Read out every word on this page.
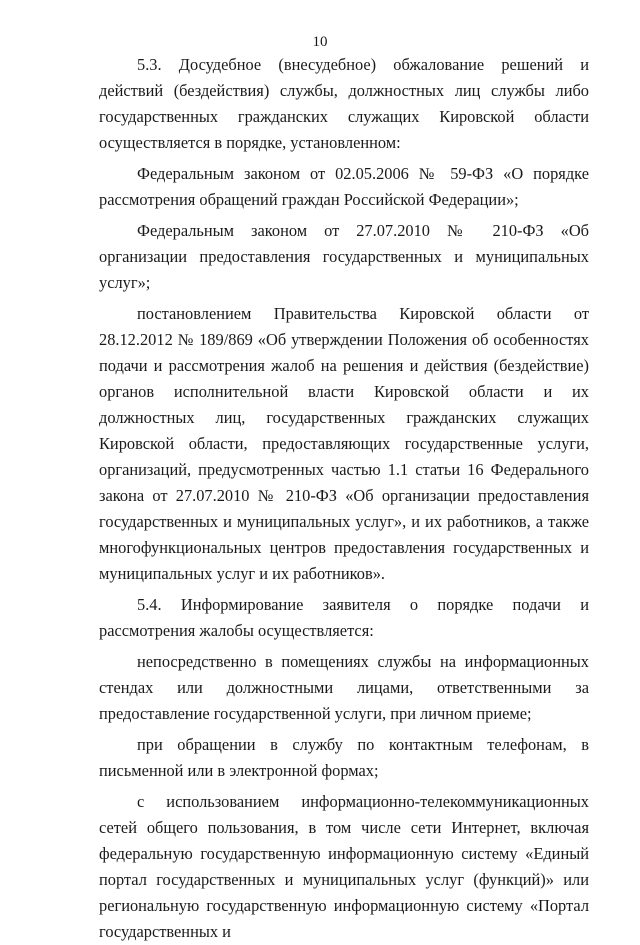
10

5.3. Досудебное (внесудебное) обжалование решений и действий (бездействия) службы, должностных лиц службы либо государственных гражданских служащих Кировской области осуществляется в порядке, установленном:

Федеральным законом от 02.05.2006 № 59-ФЗ «О порядке рассмотрения обращений граждан Российской Федерации»;

Федеральным законом от 27.07.2010 № 210-ФЗ «Об организации предоставления государственных и муниципальных услуг»;

постановлением Правительства Кировской области от 28.12.2012 № 189/869 «Об утверждении Положения об особенностях подачи и рассмотрения жалоб на решения и действия (бездействие) органов исполнительной власти Кировской области и их должностных лиц, государственных гражданских служащих Кировской области, предоставляющих государственные услуги, организаций, предусмотренных частью 1.1 статьи 16 Федерального закона от 27.07.2010 № 210-ФЗ «Об организации предоставления государственных и муниципальных услуг», и их работников, а также многофункциональных центров предоставления государственных и муниципальных услуг и их работников».

5.4. Информирование заявителя о порядке подачи и рассмотрения жалобы осуществляется:

непосредственно в помещениях службы на информационных стендах или должностными лицами, ответственными за предоставление государственной услуги, при личном приеме;

при обращении в службу по контактным телефонам, в письменной или в электронной формах;

с использованием информационно-телекоммуникационных сетей общего пользования, в том числе сети Интернет, включая федеральную государственную информационную систему «Единый портал государственных и муниципальных услуг (функций)» или региональную государственную информационную систему «Портал государственных и
